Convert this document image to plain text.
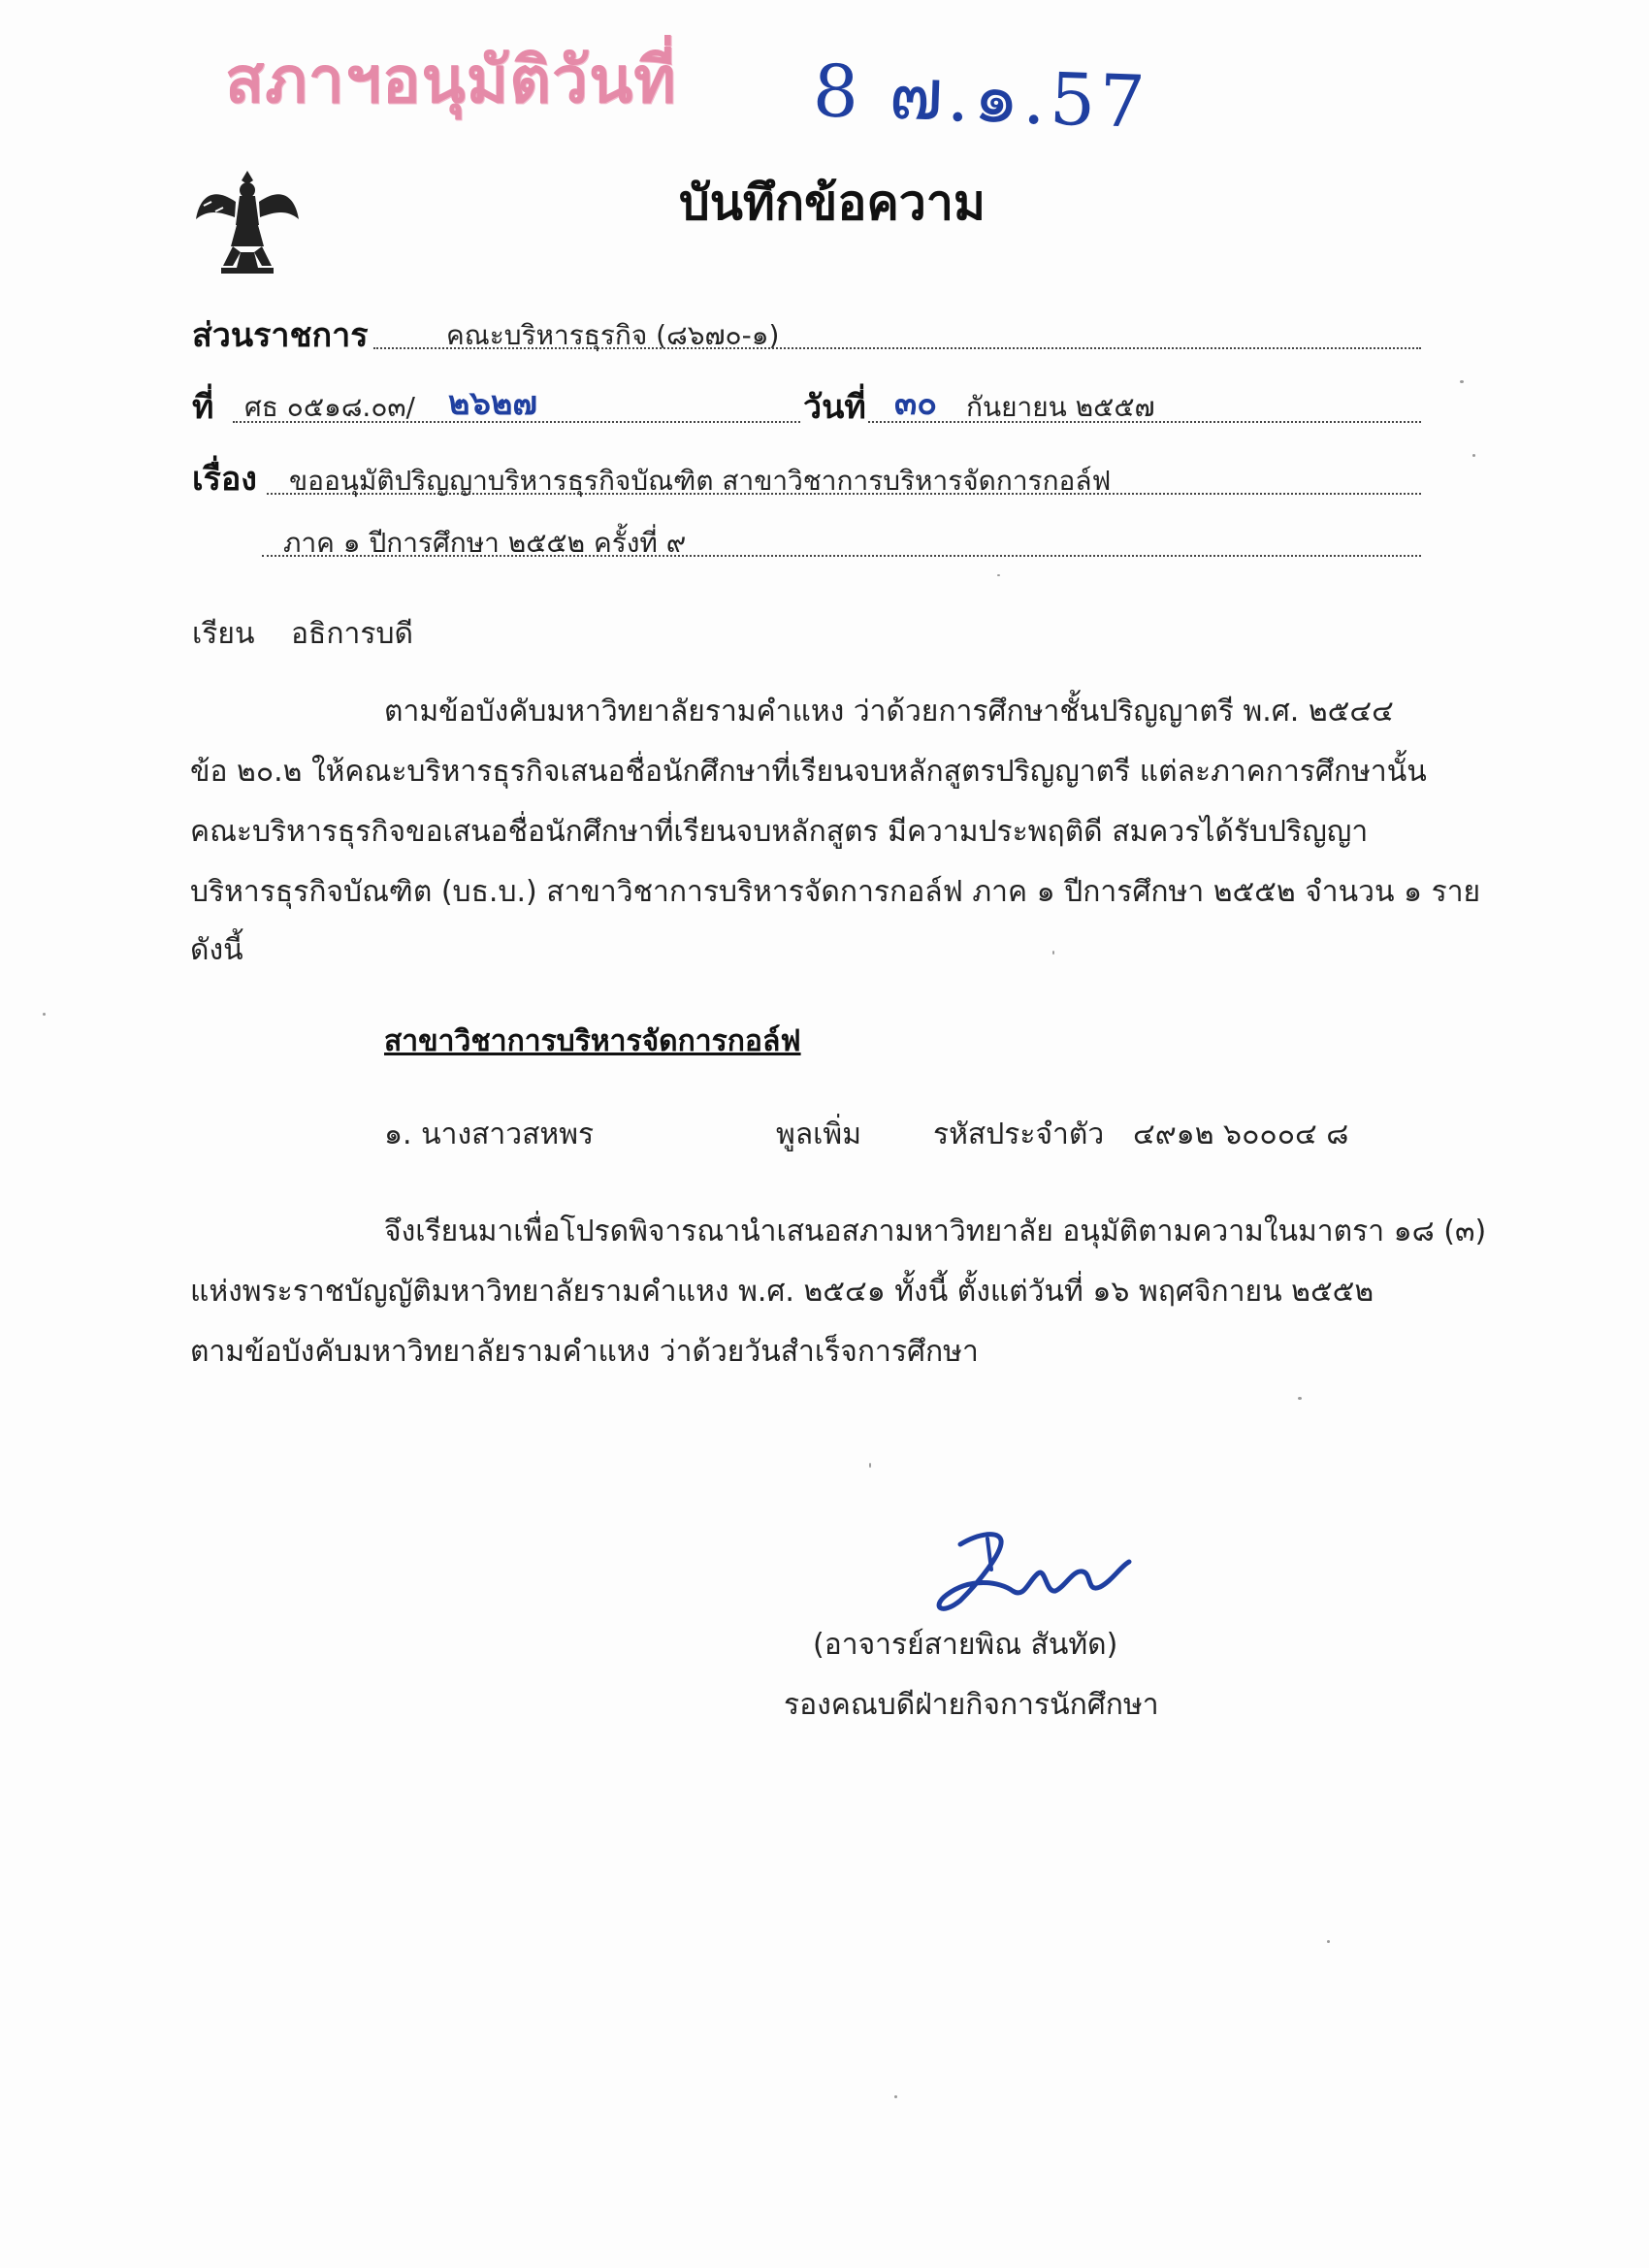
สภาฯอนุมัติวันที่ 8 ๗.๑.57
บันทึกข้อความ
ส่วนราชการ	คณะบริหารธุรกิจ (๘๖๗๐-๑)
ที่ ศธ ๐๕๑๘.๐๓/ ๒๖๒๗	วันที่ ๓๐ กันยายน ๒๕๕๗
เรื่อง ขออนุมัติปริญญาบริหารธุรกิจบัณฑิต สาขาวิชาการบริหารจัดการกอล์ฟ
ภาค ๑ ปีการศึกษา ๒๕๕๒ ครั้งที่ ๙
เรียน อธิการบดี
ตามข้อบังคับมหาวิทยาลัยรามคำแหง ว่าด้วยการศึกษาชั้นปริญญาตรี พ.ศ. ๒๕๔๔
ข้อ ๒๐.๒ ให้คณะบริหารธุรกิจเสนอชื่อนักศึกษาที่เรียนจบหลักสูตรปริญญาตรี แต่ละภาคการศึกษานั้น
คณะบริหารธุรกิจขอเสนอชื่อนักศึกษาที่เรียนจบหลักสูตร มีความประพฤติดี สมควรได้รับปริญญา
บริหารธุรกิจบัณฑิต (บธ.บ.) สาขาวิชาการบริหารจัดการกอล์ฟ ภาค ๑ ปีการศึกษา ๒๕๕๒ จำนวน ๑ ราย
ดังนี้
สาขาวิชาการบริหารจัดการกอล์ฟ
๑. นางสาวสหพร	พูลเพิ่ม รหัสประจำตัว ๔๙๑๒ ๖๐๐๐๔ ๘
จึงเรียนมาเพื่อโปรดพิจารณานำเสนอสภามหาวิทยาลัย อนุมัติตามความในมาตรา ๑๘ (๓)
แห่งพระราชบัญญัติมหาวิทยาลัยรามคำแหง พ.ศ. ๒๕๔๑ ทั้งนี้ ตั้งแต่วันที่ ๑๖ พฤศจิกายน ๒๕๕๒
ตามข้อบังคับมหาวิทยาลัยรามคำแหง ว่าด้วยวันสำเร็จการศึกษา
(อาจารย์สายพิณ สันทัด)
รองคณบดีฝ่ายกิจการนักศึกษา
